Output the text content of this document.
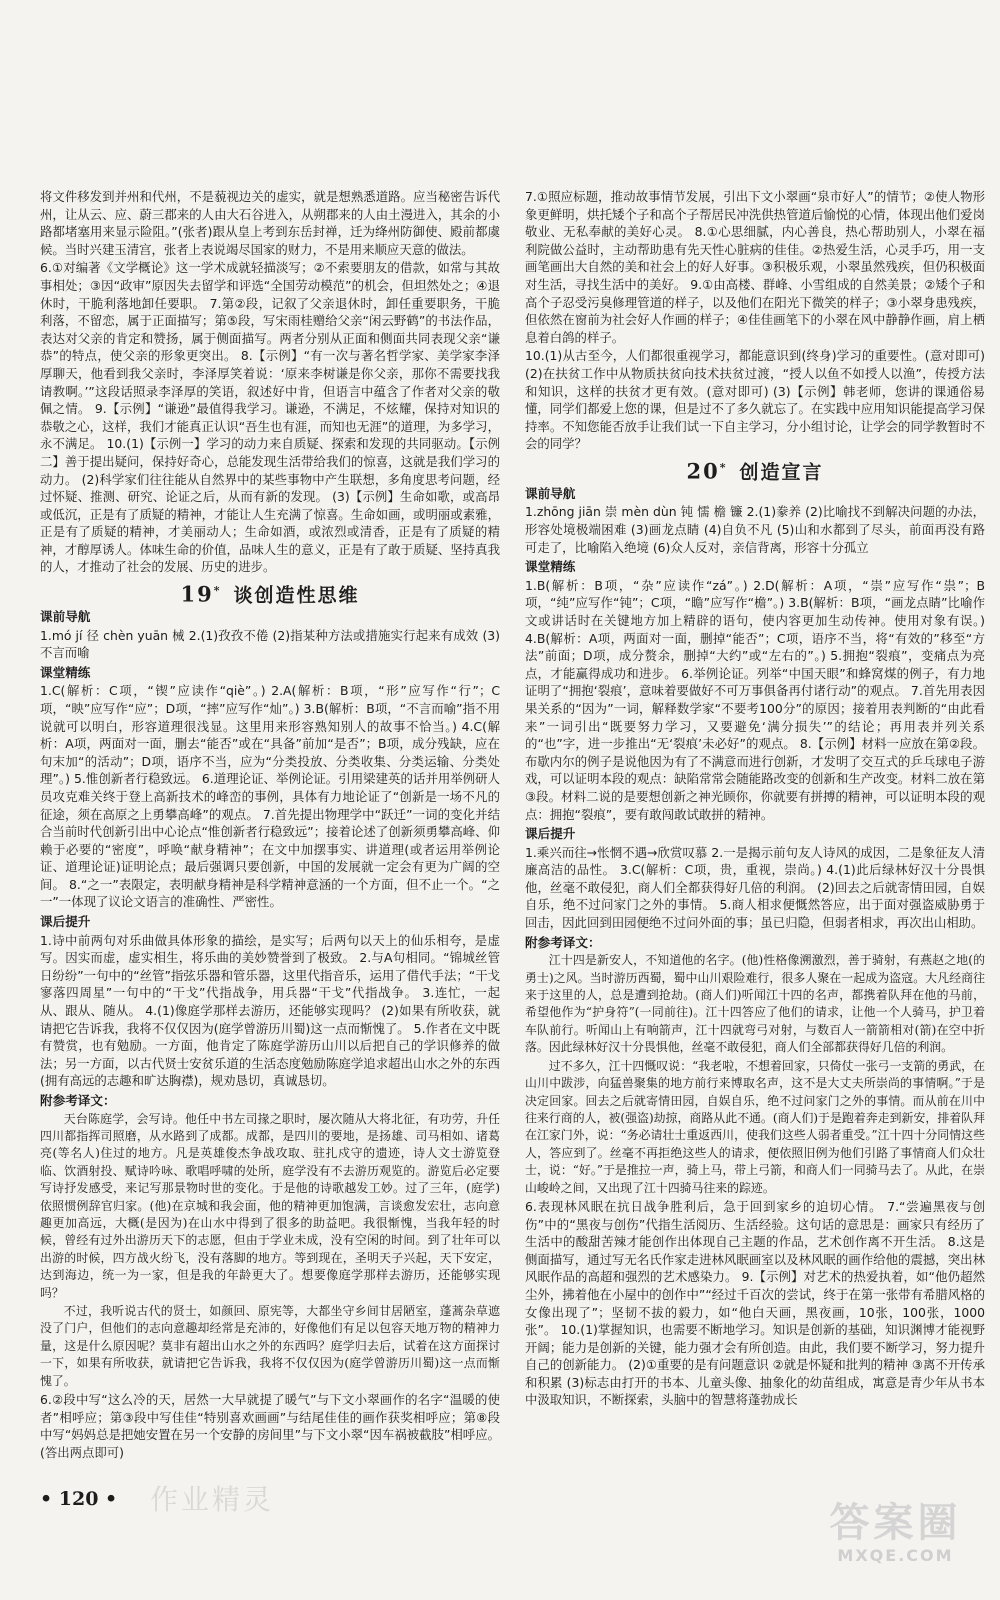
将文件移发到并州和代州，不是藐视边关的虚实，就是想熟悉道路。应当秘密告诉代州，让从云、应、蔚三郡来的人由大石谷进入，从朔郡来的人由土漫进入，其余的小路都堵塞用来显示险阻。”(张者)跟从皇上考到东岳封禅，迁为绛州防御使、殿前都虞候。当时兴建玉清宫，张者上表说竭尽国家的财力，不是用来顺应天意的做法。

6.①对编著《文学概论》这一学术成就轻描淡写；②不索要朋友的借款，如常与其故事相处；③因“政审”原因失去留学和评选“全国劳动模范”的机会，但坦然处之；④退休时，干脆利落地卸任要职。 7.第②段，记叙了父亲退休时，卸任重要职务，干脆利落，不留恋，属于正面描写；第⑤段，写宋雨桂赠给父亲“闲云野鹤”的书法作品，表达对父亲的肯定和赞扬，属于侧面描写。两者分别从正面和侧面共同表现父亲“谦恭”的特点，使父亲的形象更突出。 8.【示例】“有一次与著名哲学家、美学家李泽厚聊天，他看到我父亲时，李泽厚笑着说：‘原来李树谦是你父亲，那你不需要找我请教啊。’”这段话照录李泽厚的笑语，叙述好中肯，但语言中蕴含了作者对父亲的敬佩之情。 9.【示例】“谦逊”最值得我学习。谦逊，不满足，不炫耀，保持对知识的恭敬之心，这样，我们才能真正认识“吾生也有涯，而知也无涯”的道理，为多学习，永不满足。 10.(1)【示例一】学习的动力来自质疑、探索和发现的共同驱动。【示例二】善于提出疑问，保持好奇心，总能发现生活带给我们的惊喜，这就是我们学习的动力。 (2)科学家们往往能从自然界中的某些事物中产生联想，多角度思考问题，经过怀疑、推测、研究、论证之后，从而有新的发现。 (3)【示例】生命如歌，或高昂或低沉，正是有了质疑的精神，才能让人生充满了惊喜。生命如画，或明丽或素雅，正是有了质疑的精神，才美丽动人；生命如酒，或浓烈或清香，正是有了质疑的精神，才醇厚诱人。体味生命的价值，品味人生的意义，正是有了敢于质疑、坚持真我的人，才推动了社会的发展、历史的进步。

19* 谈创造性思维
课前导航

1.mó jí 径 chèn yuān 械 2.(1)孜孜不倦 (2)指某种方法或措施实行起来有成效 (3)不言而喻

课堂精练

1.C(解析：C项，“锲”应读作“qiè”。) 2.A(解析：B项，“形”应写作“行”；C项，“映”应写作“应”；D项，“摔”应写作“灿”。) 3.B(解析：B项，“不言而喻”指不用说就可以明白，形容道理很浅显。这里用来形容熟知别人的故事不恰当。) 4.C(解析：A项，两面对一面，删去“能否”或在“具备”前加“是否”；B项，成分残缺，应在句末加“的活动”；D项，语序不当，应为“分类投放、分类收集、分类运输、分类处理”。) 5.惟创新者行稳致远。 6.道理论证、举例论证。引用梁建英的话并用举例研人员攻克难关终于登上高新技术的峰峦的事例，具体有力地论证了“创新是一场不凡的征途，须在高原之上勇攀高峰”的观点。 7.首先提出物理学中“跃迁”一词的变化并结合当前时代创新引出中心论点“惟创新者行稳致远”；接着论述了创新须勇攀高峰、仰赖于必要的“密度”，呼唤“献身精神”；在文中加摆事实、讲道理(或者运用举例论证、道理论证)证明论点；最后强调只要创新，中国的发展就一定会有更为广阔的空间。 8.“之一”表限定，表明献身精神是科学精神意涵的一个方面，但不止一个。“之一”一体现了议论文语言的准确性、严密性。

课后提升

1.诗中前两句对乐曲做具体形象的描绘，是实写；后两句以天上的仙乐相夸，是虚写。因实而虚，虚实相生，将乐曲的美妙赞誉到了极致。 2.与A句相同。“锦城丝管日纷纷”一句中的“丝管”指弦乐器和管乐器，这里代指音乐，运用了借代手法；“干戈寥落四周星”一句中的“干戈”代指战争，用兵器“干戈”代指战争。 3.连忙，一起 从、跟从、随从。 4.(1)像庭学那样去游历，还能够实现吗？ (2)如果有所收获，就请把它告诉我，我将不仅仅因为(庭学曾游历川蜀)这一点而惭愧了。 5.作者在文中既有赞赏，也有勉励。一方面，他肯定了陈庭学游历山川以后把自己的学识修养的做法；另一方面，以古代贤士安贫乐道的生活态度勉励陈庭学追求超出山水之外的东西(拥有高远的志趣和旷达胸襟)，规劝恳切，真诚恳切。

附参考译文：

天台陈庭学，会写诗。他任中书左司掾之职时，屡次随从大将北征，有功劳，升任四川都指挥司照磨，从水路到了成都。成都，是四川的要地，是扬雄、司马相如、诸葛亮(等名人)住过的地方。凡是英雄俊杰争战攻取、驻扎戍守的遗迹，诗人文士游览登临、饮酒射投、赋诗吟咏、歌唱呼啸的处所，庭学没有不去游历观览的。游览后必定要写诗抒发感受，来记写那景物时世的变化。于是他的诗歌越发工妙。过了三年，(庭学)依照惯例辞官归家。(他)在京城和我会面，他的精神更加饱满，言谈愈发宏壮，志向意趣更加高远，大概(是因为)在山水中得到了很多的助益吧。我很惭愧，当我年轻的时候，曾经有过外出游历天下的志愿，但由于学业未成，没有空闲的时间。到了壮年可以出游的时候，四方战火纷飞，没有落脚的地方。等到现在，圣明天子兴起，天下安定，达到海边，统一为一家，但是我的年龄更大了。想要像庭学那样去游历，还能够实现吗？

不过，我听说古代的贤士，如颜回、原宪等，大都坐守乡间甘居陋室，蓬蒿杂草遮没了门户，但他们的志向意趣却经常是充沛的，好像他们有足以包容天地万物的精神力量，这是什么原因呢？莫非有超出山水之外的东西吗？庭学归去后，试着在这方面探讨一下，如果有所收获，就请把它告诉我，我将不仅仅因为(庭学曾游历川蜀)这一点而惭愧了。

6.②段中写“这么冷的天，居然一大早就提了暖气”与下文小翠画作的名字“温暖的使者”相呼应；第③段中写佳佳“特别喜欢画画”与结尾佳佳的画作获奖相呼应；第⑧段中写“妈妈总是把她安置在另一个安静的房间里”与下文小翠“因车祸被截肢”相呼应。(答出两点即可)

7.①照应标题，推动故事情节发展，引出下文小翠画“泉市好人”的情节；②使人物形象更鲜明，烘托矮个子和高个子帮居民冲洗供热管道后愉悦的心情，体现出他们爱岗敬业、无私奉献的美好心灵。 8.①心思细腻，内心善良，热心帮助别人，小翠在福利院做公益时，主动帮助患有先天性心脏病的佳佳。②热爱生活，心灵手巧，用一支画笔画出大自然的美和社会上的好人好事。③积极乐观，小翠虽然残疾，但仍积极面对生活，寻找生活中的美好。 9.①由高楼、群峰、小雪组成的自然美景；②矮个子和高个子忍受污臭修理管道的样子，以及他们在阳光下微笑的样子；③小翠身患残疾，但依然在窗前为社会好人作画的样子；④佳佳画笔下的小翠在风中静静作画，肩上栖息着白鸽的样子。

10.(1)从古至今，人们都很重视学习，都能意识到(终身)学习的重要性。(意对即可) (2)在扶贫工作中从物质扶贫向技术扶贫过渡，“授人以鱼不如授人以渔”，传授方法和知识，这样的扶贫才更有效。(意对即可) (3)【示例】韩老师，您讲的课通俗易懂，同学们都爱上您的课，但是过不了多久就忘了。在实践中应用知识能提高学习保持率。不知您能否放手让我们试一下自主学习，分小组讨论，让学会的同学教暂时不会的同学？

20* 创造宣言
课前导航

1.zhōng jiān 崇 mèn dùn 钝 懦 檐 镰 2.(1)豢养 (2)比喻找不到解决问题的办法，形容处境极端困难 (3)画龙点睛 (4)自负不凡 (5)山和水都到了尽头，前面再没有路可走了，比喻陷入绝境 (6)众人反对，亲信背离，形容十分孤立

课堂精练

1.B(解析：B项，“杂”应读作“zá”。) 2.D(解析：A项，“崇”应写作“祟”；B项，“纯”应写作“钝”；C项，“瞻”应写作“檐”。) 3.B(解析：B项，“画龙点睛”比喻作文或讲话时在关键地方加上精辟的语句，使内容更加生动传神。使用对象有误。) 4.B(解析：A项，两面对一面，删掉“能否”；C项，语序不当，将“有效的”移至“方法”前面；D项，成分赘余，删掉“大约”或“左右的”。) 5.拥抱“裂痕”，变痛点为亮点，才能赢得成功和进步。 6.举例论证。列举“中国天眼”和蜂窝煤的例子，有力地证明了“拥抱‘裂痕’，意味着要做好不可万事俱备再付诸行动”的观点。 7.首先用表因果关系的“因为”一词，解释数学家“不要考100分”的原因；接着用表判断的“由此看来”一词引出“既要努力学习，又要避免‘满分损失’”的结论；再用表并列关系的“也”字，进一步推出“无‘裂痕’未必好”的观点。 8.【示例】材料一应放在第②段。布歇内尔的例子是说他因为有了不满意而进行创新，才发明了交互式的乒乓球电子游戏，可以证明本段的观点：缺陷常常会随能路改变的创新和生产改变。材料二放在第③段。材料二说的是要想创新之神光顾你，你就要有拼搏的精神，可以证明本段的观点：拥抱“裂痕”，要有敢闯敢试敢拼的精神。

课后提升

1.乘兴而往→怅惘不遇→欣赏叹慕 2.一是揭示前句友人诗风的成因，二是象征友人清廉高洁的品性。 3.C(解析：C项，贵，重视，崇尚。) 4.(1)此后绿林好汉十分畏惧他，丝毫不敢侵犯，商人们全都获得好几倍的利润。 (2)回去之后就寄情田园，自娱自乐，绝不过问家门之外的事情。 5.商人相求便慨然答应，出于面对强盗威胁勇于回击，因此回到田园便绝不过问外面的事；虽已归隐，但弱者相求，再次出山相助。

附参考译文：

江十四是新安人，不知道他的名字。(他)性格像溯激烈，善于骑射，有燕赵之地(的勇士)之风。当时游历西蜀，蜀中山川艰险难行，很多人聚在一起成为盗寇。大凡经商往来于这里的人，总是遭到抢劫。(商人们)听闻江十四的名声，都携着队拜在他的马前，希望他作为“护身符”(一同前往)。江十四答应了他们的请求，让他一个人骑马，护卫着车队前行。听闻山上有响箭声，江十四就弯弓对射，与数百人一箭箭相对(箭)在空中折落。因此绿林好汉十分畏惧他，丝毫不敢侵犯，商人们全部都获得好几倍的利润。

过不多久，江十四慨叹说：“我老啦，不想着回家，只倚仗一张弓一支箭的勇武，在山川中跋涉，向猛兽聚集的地方前行来博取名声，这不是大丈夫所崇尚的事情啊。”于是决定回家。回去之后就寄情田园，自娱自乐，绝不过问家门之外的事情。而从前在川中往来行商的人，被(强盗)劫掠，商路从此不通。(商人们)于是跑着奔走到新安，排着队拜在江家门外，说：“务必请壮士重返西川，使我们这些人弱者重受。”江十四十分同情这些人，答应到了。丝毫不再拒绝这些人的请求，便依照旧例为他们引路了事情商人们众壮士，说：“好。”于是推拉一声，骑上马，带上弓箭，和商人们一同骑马去了。从此，在崇山峻岭之间，又出现了江十四骑马往来的踪迹。

6.表现林风眠在抗日战争胜利后，急于回到家乡的迫切心情。 7.“尝遍黑夜与创伤”中的“黑夜与创伤”代指生活阅历、生活经验。这句话的意思是：画家只有经历了生活中的酸甜苦辣才能创作出体现自己主题的作品，艺术创作离不开生活。 8.这是侧面描写，通过写无名氏作家走进林风眠画室以及林风眠的画作给他的震撼，突出林风眠作品的高超和强烈的艺术感染力。 9.【示例】对艺术的热爱执着，如“他仍超然尘外，拂着他在小屋中的创作中”“经过千百次的尝试，终于在第一张带有希腊风格的女像出现了”；坚韧不拔的毅力，如“他白天画，黑夜画，10张，100张，1000张”。 10.(1)掌握知识，也需要不断地学习。知识是创新的基础，知识渊博才能视野开阔；能力是创新的关键，能力强才会有所创造。由此，我们要不断学习，努力提升自己的创新能力。 (2)①重要的是有问题意识 ②就是怀疑和批判的精神 ③离不开传承和积累 (3)标志由打开的书本、儿童头像、抽象化的幼苗组成，寓意是青少年从书本中汲取知识，不断探索，头脑中的智慧将蓬勃成长

• 120 • 作业精灵
答案圈
MXQE.COM
